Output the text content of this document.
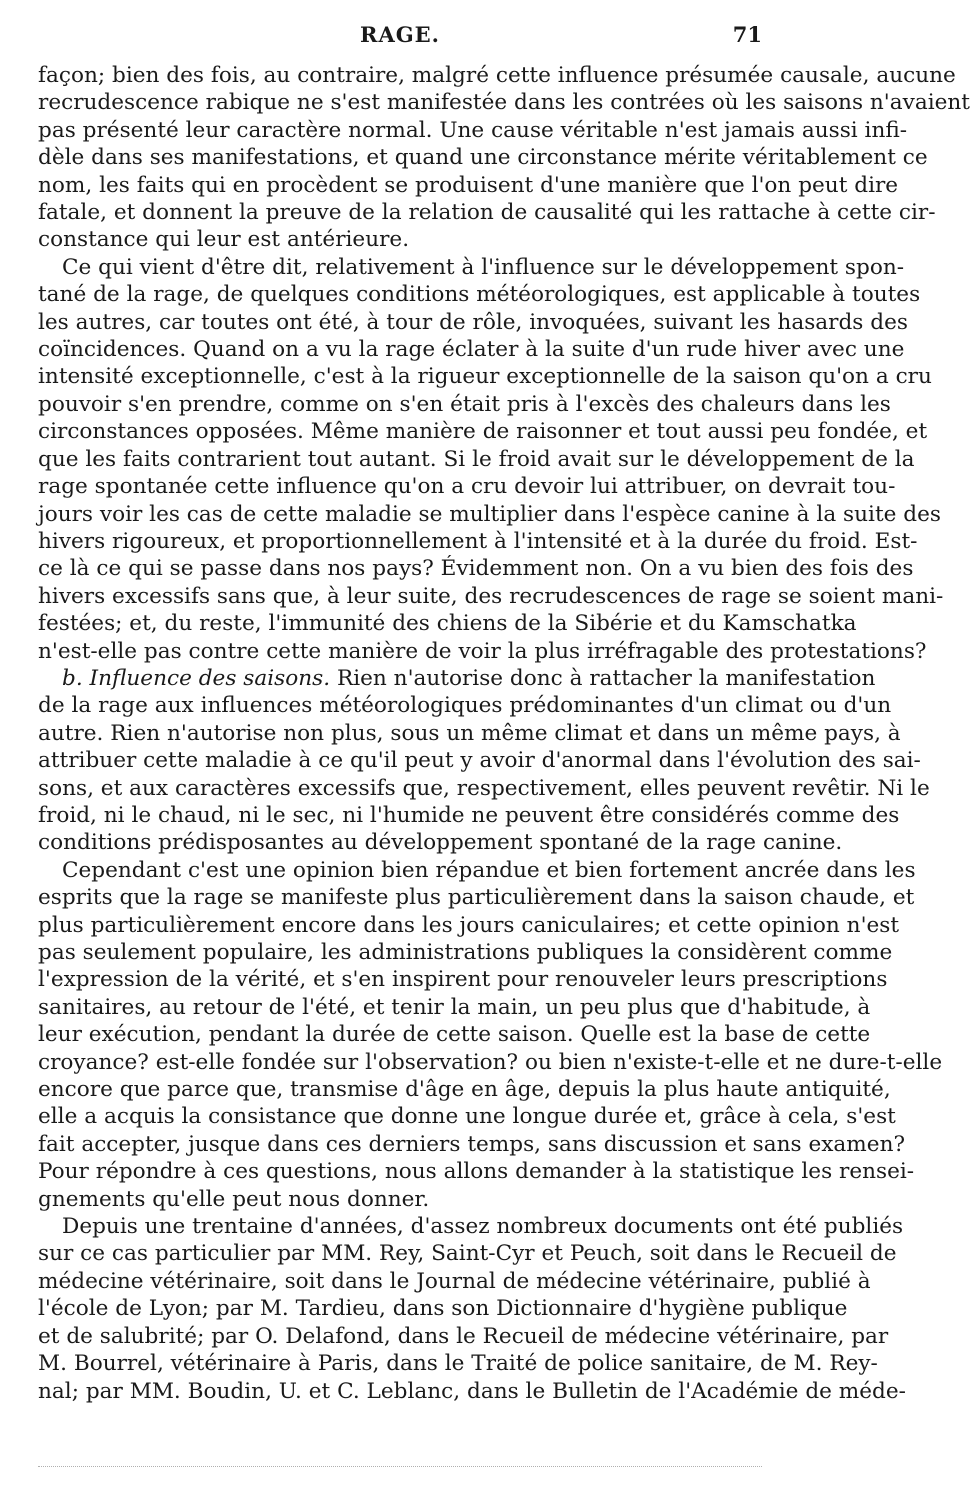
RAGE.	71
façon; bien des fois, au contraire, malgré cette influence présumée causale, aucune
recrudescence rabique ne s'est manifestée dans les contrées où les saisons n'avaient
pas présenté leur caractère normal. Une cause véritable n'est jamais aussi infi-
dèle dans ses manifestations, et quand une circonstance mérite véritablement ce
nom, les faits qui en procèdent se produisent d'une manière que l'on peut dire
fatale, et donnent la preuve de la relation de causalité qui les rattache à cette cir-
constance qui leur est antérieure.
Ce qui vient d'être dit, relativement à l'influence sur le développement spon-
tané de la rage, de quelques conditions météorologiques, est applicable à toutes
les autres, car toutes ont été, à tour de rôle, invoquées, suivant les hasards des
coïncidences. Quand on a vu la rage éclater à la suite d'un rude hiver avec une
intensité exceptionnelle, c'est à la rigueur exceptionnelle de la saison qu'on a cru
pouvoir s'en prendre, comme on s'en était pris à l'excès des chaleurs dans les
circonstances opposées. Même manière de raisonner et tout aussi peu fondée, et
que les faits contrarient tout autant. Si le froid avait sur le développement de la
rage spontanée cette influence qu'on a cru devoir lui attribuer, on devrait tou-
jours voir les cas de cette maladie se multiplier dans l'espèce canine à la suite des
hivers rigoureux, et proportionnellement à l'intensité et à la durée du froid. Est-
ce là ce qui se passe dans nos pays? Évidemment non. On a vu bien des fois des
hivers excessifs sans que, à leur suite, des recrudescences de rage se soient mani-
festées; et, du reste, l'immunité des chiens de la Sibérie et du Kamschatka
n'est-elle pas contre cette manière de voir la plus irréfragable des protestations?
b. Influence des saisons. Rien n'autorise donc à rattacher la manifestation
de la rage aux influences météorologiques prédominantes d'un climat ou d'un
autre. Rien n'autorise non plus, sous un même climat et dans un même pays, à
attribuer cette maladie à ce qu'il peut y avoir d'anormal dans l'évolution des sai-
sons, et aux caractères excessifs que, respectivement, elles peuvent revêtir. Ni le
froid, ni le chaud, ni le sec, ni l'humide ne peuvent être considérés comme des
conditions prédisposantes au développement spontané de la rage canine.
Cependant c'est une opinion bien répandue et bien fortement ancrée dans les
esprits que la rage se manifeste plus particulièrement dans la saison chaude, et
plus particulièrement encore dans les jours caniculaires; et cette opinion n'est
pas seulement populaire, les administrations publiques la considèrent comme
l'expression de la vérité, et s'en inspirent pour renouveler leurs prescriptions
sanitaires, au retour de l'été, et tenir la main, un peu plus que d'habitude, à
leur exécution, pendant la durée de cette saison. Quelle est la base de cette
croyance? est-elle fondée sur l'observation? ou bien n'existe-t-elle et ne dure-t-elle
encore que parce que, transmise d'âge en âge, depuis la plus haute antiquité,
elle a acquis la consistance que donne une longue durée et, grâce à cela, s'est
fait accepter, jusque dans ces derniers temps, sans discussion et sans examen?
Pour répondre à ces questions, nous allons demander à la statistique les rensei-
gnements qu'elle peut nous donner.
Depuis une trentaine d'années, d'assez nombreux documents ont été publiés
sur ce cas particulier par MM. Rey, Saint-Cyr et Peuch, soit dans le Recueil de
médecine vétérinaire, soit dans le Journal de médecine vétérinaire, publié à
l'école de Lyon; par M. Tardieu, dans son Dictionnaire d'hygiène publique
et de salubrité; par O. Delafond, dans le Recueil de médecine vétérinaire, par
M. Bourrel, vétérinaire à Paris, dans le Traité de police sanitaire, de M. Rey-
nal; par MM. Boudin, U. et C. Leblanc, dans le Bulletin de l'Académie de méde-
